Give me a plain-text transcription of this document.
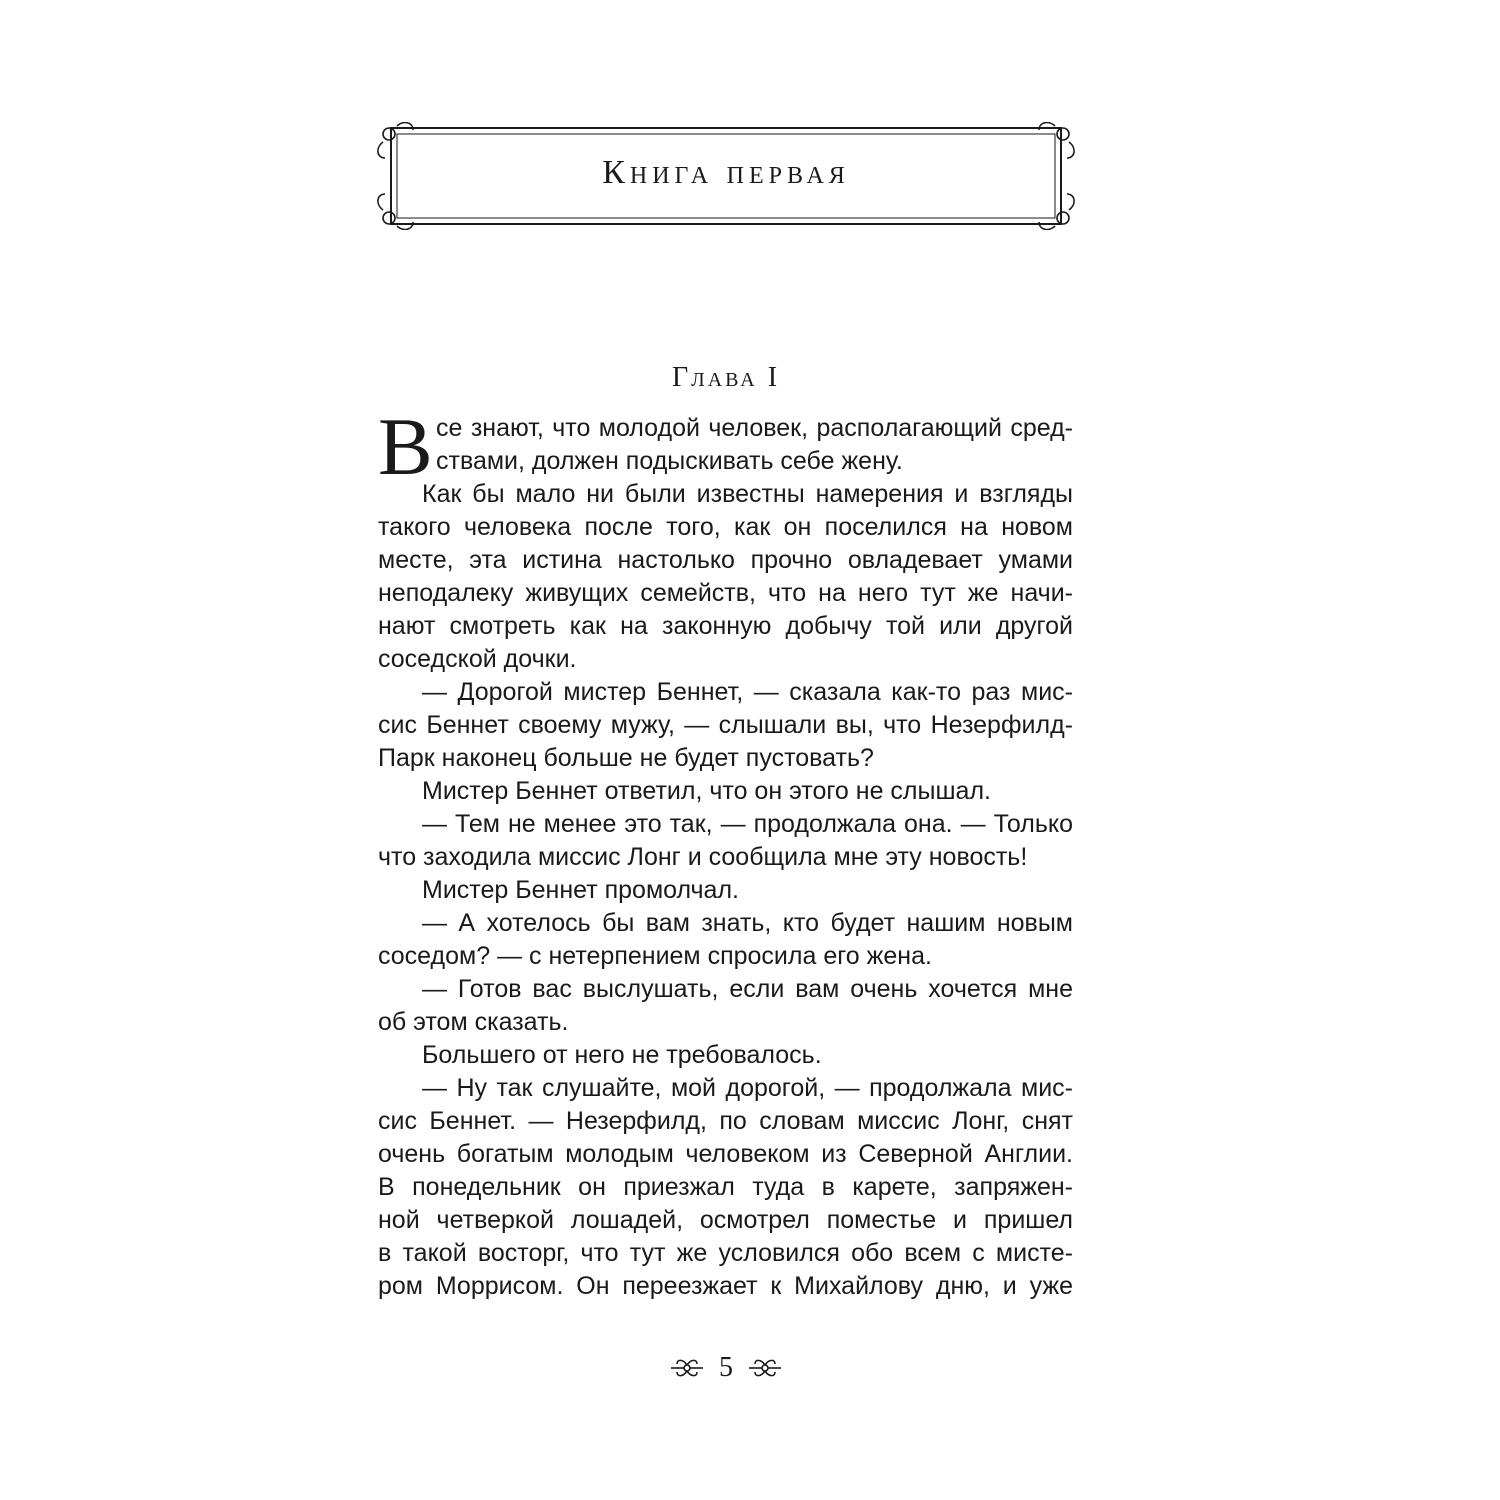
Книга первая
Глава I
В се знают, что молодой человек, располагающий сред-
ствами, должен подыскивать себе жену.
Как бы мало ни были известны намерения и взгляды
такого человека после того, как он поселился на новом
месте, эта истина настолько прочно овладевает умами
неподалеку живущих семейств, что на него тут же начи-
нают смотреть как на законную добычу той или другой
соседской дочки.
— Дорогой мистер Беннет, — сказала как-то раз мис-
сис Беннет своему мужу, — слышали вы, что Незерфилд-
Парк наконец больше не будет пустовать?
Мистер Беннет ответил, что он этого не слышал.
— Тем не менее это так, — продолжала она. — Только
что заходила миссис Лонг и сообщила мне эту новость!
Мистер Беннет промолчал.
— А хотелось бы вам знать, кто будет нашим новым
соседом? — с нетерпением спросила его жена.
— Готов вас выслушать, если вам очень хочется мне
об этом сказать.
Большего от него не требовалось.
— Ну так слушайте, мой дорогой, — продолжала мис-
сис Беннет. — Незерфилд, по словам миссис Лонг, снят
очень богатым молодым человеком из Северной Англии.
В понедельник он приезжал туда в карете, запряжен-
ной четверкой лошадей, осмотрел поместье и пришел
в такой восторг, что тут же условился обо всем с мисте-
ром Моррисом. Он переезжает к Михайлову дню, и уже
5
